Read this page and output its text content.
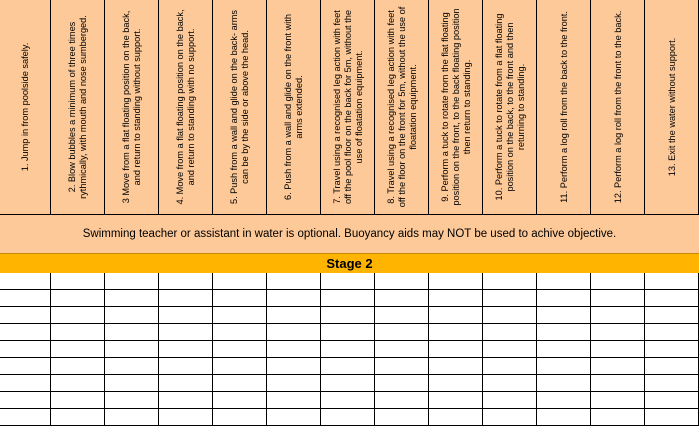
1. Jump in from poolside safely.	2. Blow bubbles a minimum of three times rythmically, with mouth and nose sumberged.	3 Move from a flat floating position on the back, and return to standing without support.	4. Move from a flat floating position on the back, and return to standing with no support.	5. Push from a wall and glide on the back- arms can be by the side or above the head.	6. Push from a wall and glide on the front with arms extended.	7. Travel using a recognised leg action with feet off the pool floor on the back for 5m, without the use of floatation equipment.	8. Travel using a recognised leg action with feet off the floor on the front for 5m, without the use of floatation equipment.	9. Perform a tuck to rotate from the flat floating position on the front, to the back floating position then return to standing.	10. Perform a tuck to rotate from a flat floating position on the back, to the front and then returning to standing.	11. Perform a log roll from the back to the front.	12. Perform a log roll from the front to the back.	13. Exit the water without support.
Swimming teacher or assistant in water is optional. Buoyancy aids may NOT be used to achive objective.
Stage 2
